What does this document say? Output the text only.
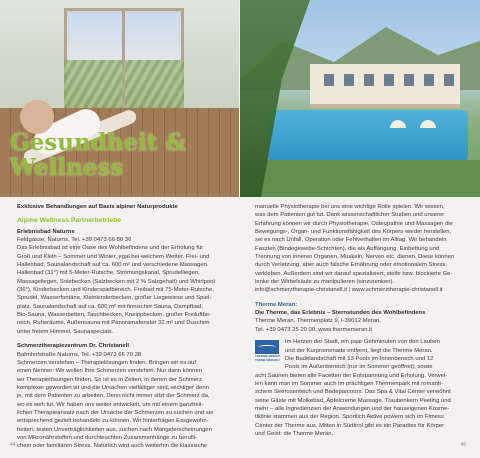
Gesundheit &
Wellness
Exklusive Behandlungen auf Basis alpiner Naturprodukte
Alpine Wellness Partnerbetriebe
Erlebnisbad Naturns
Feldgasse, Naturns, Tel. +39 0473 66 80 36
Das Erlebnisbad ist eine Oase des Wohlbefindens und der Erholung für
Groß und Klein – Sommer und Winter, egal bei welchem Wetter. Frei- und
Hallenbad, Saunalandschaft auf ca. 600 m² und verschiedene Massagen.
Hallenbad (31°) mit 5-Meter-Rutsche, Strömungskanal, Sprudelliegen,
Massageliegen, Solebecken (Salzbecken mit 2 % Salzgehalt) und Whirlpool
(36°), Kinderbecken und Kinderspielbereich. Freibad mit 75-Meter-Rutsche,
Sprudel, Wasserfontäne, Kleinkinderbecken, großer Liegewiese und Spiel-
platz. Saunalandschaft auf ca. 600 m² mit finnischer Sauna, Dampfbad,
Bio-Sauna, Wasserbetten, Tauchbecken, Kneippbecken, großer Freiluftbe-
reich, Ruheräume, Außensauna mit Panoramafenster 32 m² und Duschen
unter freiem Himmel, Saunaspecials.
Schmerztherapiezentrum Dr. Christanell
Bahnhofstraße Naturns, Tel. +39 0473 66 70 38
Schmerzen verstehen – Therapielösungen finden. Bringen wir es auf
einen Nenner: Wir wollen Ihre Schmerzen verstehen. Nur dann können
wir Therapielösungen finden. So ist es in Zeiten, in denen der Schmerz
komplexer geworden ist und die Ursachen vielfältiger sind, wichtiger denn
je, mit dem Patienten zu arbeiten. Denn nicht immer sitzt der Schmerz da,
wo es weh tut. Wir haben uns weiter entwickelt, um mit einem ganzheit-
lichen Therapieansatz nach der Ursache der Schmerzen zu suchen und sie
entsprechend gezielt behandeln zu können. Wir hinterfragen Essgewohn-
heiten, testen Unverträglichkeiten aus, suchen nach Mangelerscheinungen
von Mikronährstoffen und durchleuchten Zusammenhänge zu berufli-
chem oder familiären Stress. Natürlich wird auch weiterhin die klassische
manuelle Physiotherapie bei uns eine wichtige Rolle spielen. Wir wissen,
was dem Patienten gut tut. Dank wissenschaftlicher Studien und unserer
Erfahrung können wir durch Physiotherapie, Osteopathie und Massagen die
Bewegungs-, Organ- und Funktionsfähigkeit des Körpers wieder herstellen,
sei es nach Unfall, Operation oder Fehlverhalten im Alltag. Wir behandeln
Faszien (Bindegewebe-Schichten), die als Auffängung, Einbettung und
Trennung von inneren Organen, Muskeln, Nerven etc. dienen. Diese können
durch Verletzung, aber auch falsche Ernährung oder emotionalem Stress,
verkleben. Außerdem sind wir darauf spezialisiert, steife bzw. blockierte Ge-
lenke der Wirbelsäule zu manipulieren (einzurenken).
info@schmerztherapie-christanell.it | www.schmerztherapie-christanell.it
Therme Meran:
Die Therme, das Erlebnis – Sternstunden des Wohlbefindens
Therme Meran, Thermenplatz 9, I-39012 Meran,
Tel. +39 0473 25 20 00, www.thermemeran.it
Im Herzen der Stadt, ein paar Gehminuten von den Lauben
und der Kurpromenade entfernt, liegt die Therme Meran.
Die Badelandschaft mit 13 Pools im Innenbereich und 12
Pools im Außenbereich (nur im Sommer geöffnet), sowie
acht Saunen bieten alle Facetten der Entspannung und Erholung. Verwei-
len kann man im Sommer auch im prächtigen Thermenpark mit romanti-
schem Seerosenteich und Badeparcours. Das Spa & Vital Center verwöhnt
seine Gäste mit Molkebad, Äpfelcreme Massage, Traubenkern Peeling und
mehr – alle Ingredienzien der Anwendungen und der hauseigenen Kosme-
tiklinie stammen aus der Region. Sportlich Aktive powern sich im Fitness
Center der Therme aus. Mitten in Südtirol gibt es ein Paradies für Körper
und Geist: die Therme Meran.
THERME MERAN TERME MERANO
44	45
